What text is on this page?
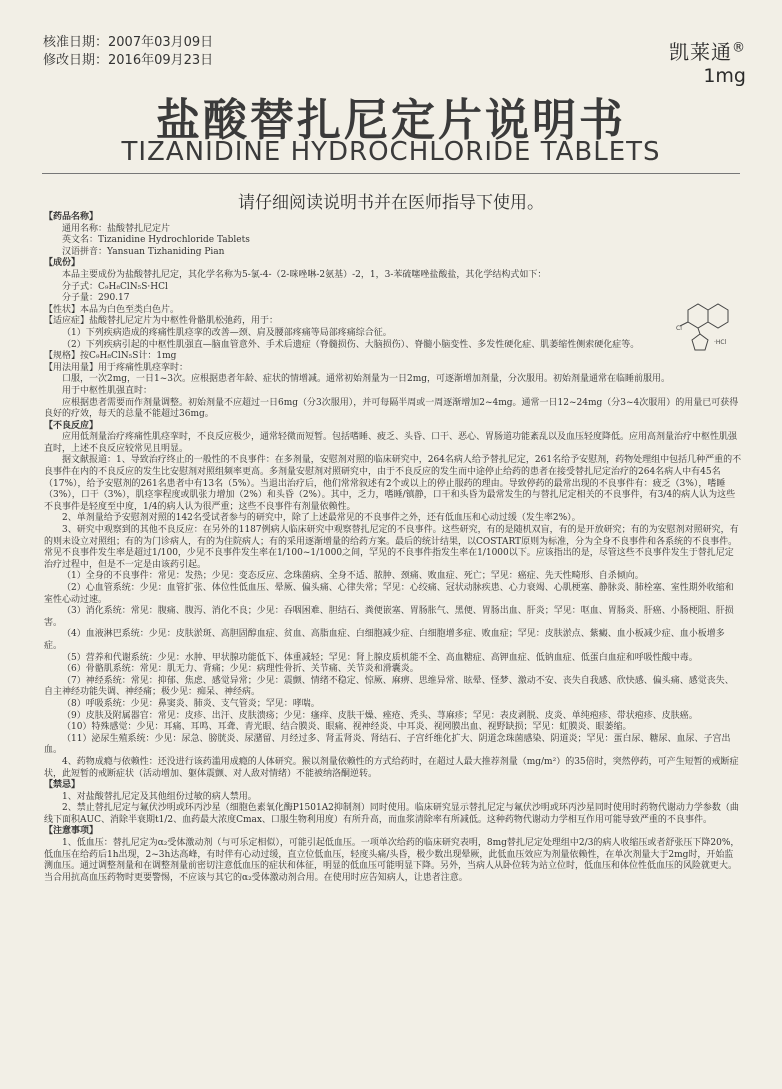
核准日期：2007年03月09日
修改日期：2016年09月23日	凯莱通®
1mg
盐酸替扎尼定片说明书
TIZANIDINE HYDROCHLORIDE TABLETS
请仔细阅读说明书并在医师指导下使用。
Cl
·HCl

【药品名称】

通用名称：盐酸替扎尼定片

英文名：Tizanidine Hydrochloride Tablets

汉语拼音：Yansuan Tizhaniding Pian

【成份】

本品主要成份为盐酸替扎尼定，其化学名称为5-氯-4-（2-咪唑啉-2氨基）-2，1，3-苯硫噻唑盐酸盐，其化学结构式如下：

分子式：C₉H₈ClN₅S·HCl

分子量：290.17

【性状】本品为白色至类白色片。

【适应症】盐酸替扎尼定片为中枢性骨骼肌松弛药，用于：

（1）下列疾病造成的疼痛性肌痉挛的改善—颈、肩及腰部疼痛等局部疼痛综合征。

（2）下列疾病引起的中枢性肌强直—脑血管意外、手术后遗症（脊髓损伤、大脑损伤）、脊髓小脑变性、多发性硬化症、肌萎缩性侧索硬化症等。

【规格】按C₉H₈ClN₅S计：1mg

【用法用量】用于疼痛性肌痉挛时：

口服，一次2mg，一日1~3次。应根据患者年龄、症状的情增减。通常初始剂量为一日2mg，可逐渐增加剂量，分次服用。初始剂量通常在临睡前服用。

用于中枢性肌强直时：

应根据患者需要而作剂量调整。初始剂量不应超过一日6mg（分3次服用），并可每隔半周或一周逐渐增加2~4mg。通常一日12~24mg（分3~4次服用）的用量已可获得良好的疗效，每天的总量不能超过36mg。

【不良反应】

应用低剂量治疗疼痛性肌痉挛时，不良反应极少，通常轻微而短暂。包括嗜睡、疲乏、头昏、口干、恶心、胃肠道功能紊乱以及血压轻度降低。应用高剂量治疗中枢性肌强直时，上述不良反应较常见且明显。

据文献报道：1、导致治疗终止的一般性的不良事件：在多剂量，安慰剂对照的临床研究中，264名病人给予替扎尼定，261名给予安慰剂，药物处理组中包括几种严重的不良事件在内的不良反应的发生比安慰剂对照组频率更高。多剂量安慰剂对照研究中，由于不良反应的发生而中途停止给药的患者在接受替扎尼定治疗的264名病人中有45名（17%），给予安慰剂的261名患者中有13名（5%）。当退出治疗后，他们常常叙述有2个或以上的停止服药的理由。导致停药的最常出现的不良事件有：疲乏（3%），嗜睡（3%），口干（3%），肌痉挛程度或肌张力增加（2%）和头昏（2%）。其中，乏力，嗜睡/镇静，口干和头昏为最常发生的与替扎尼定相关的不良事件，有3/4的病人认为这些不良事件是轻度至中度，1/4的病人认为很严重；这些不良事件有剂量依赖性。

2、单剂量给予安慰剂对照的142名受试者参与的研究中，除了上述最常见的不良事件之外，还有低血压和心动过缓（发生率2%）。

3、研究中观察到的其他不良反应：在另外的1187例病人临床研究中观察替扎尼定的不良事件。这些研究，有的是随机双盲，有的是开放研究；有的为安慰剂对照研究，有的则未设立对照组；有的为门诊病人，有的为住院病人；有的采用逐渐增量的给药方案。最后的统计结果，以COSTART原则为标准，分为全身不良事件和各系统的不良事件。常见不良事件发生率是超过1/100，少见不良事件发生率在1/100~1/1000之间，罕见的不良事件指发生率在1/1000以下。应该指出的是，尽管这些不良事件发生于替扎尼定治疗过程中，但是不一定是由该药引起。

（1）全身的不良事件：常见：发热；少见：变态反应、念珠菌病、全身不适、脓肿、颈痛、败血症、死亡；罕见：癌症、先天性畸形、自杀倾向。

（2）心血管系统：少见：血管扩张、体位性低血压、晕厥、偏头痛、心律失常；罕见：心绞痛、冠状动脉疾患、心力衰竭、心肌梗塞、静脉炎、肺栓塞、室性期外收缩和室性心动过速。

（3）消化系统：常见：腹痛、腹泻、消化不良；少见：吞咽困难、胆结石、粪便嵌塞、胃肠胀气、黑便、胃肠出血、肝炎；罕见：呕血、胃肠炎、肝癌、小肠梗阻、肝损害。

（4）血液淋巴系统：少见：皮肤淤斑、高胆固醇血症、贫血、高脂血症、白细胞减少症、白细胞增多症、败血症；罕见：皮肤淤点、紫癜、血小板减少症、血小板增多症。

（5）营养和代谢系统：少见：水肿、甲状腺功能低下、体重减轻；罕见：肾上腺皮质机能不全、高血糖症、高钾血症、低钠血症、低蛋白血症和呼吸性酸中毒。

（6）骨骼肌系统：常见：肌无力、背痛；少见：病理性骨折、关节痛、关节炎和滑囊炎。

（7）神经系统：常见：抑郁、焦虑、感觉异常；少见：震颤、情绪不稳定、惊厥、麻痹、思维异常、眩晕、怪梦、激动不安、丧失自我感、欣快感、偏头痛、感觉丧失、自主神经功能失调、神经痛；极少见：痴呆、神经病。

（8）呼吸系统：少见：鼻窦炎、肺炎、支气管炎；罕见：哮喘。

（9）皮肤及附属器官：常见：皮疹、出汗、皮肤溃疡；少见：瘙痒、皮肤干燥、痤疮、秃头、荨麻疹；罕见：表皮剥脱、皮炎、单纯疱疹、带状疱疹、皮肤癌。

（10）特殊感觉：少见：耳痛、耳鸣、耳聋、青光眼、结合膜炎、眼痛、视神经炎、中耳炎、视网膜出血、视野缺损；罕见：虹膜炎、眼萎缩。

（11）泌尿生殖系统：少见：尿急、膀胱炎、尿潴留、月经过多、肾盂肾炎、肾结石、子宫纤维化扩大、阴道念珠菌感染、阴道炎；罕见：蛋白尿、糖尿、血尿、子宫出血。

4、药物成瘾与依赖性：还没进行该药滥用成瘾的人体研究。猴以剂量依赖性的方式给药时，在超过人最大推荐剂量（mg/m²）的35倍时，突然停药，可产生短暂的戒断症状，此短暂的戒断症状（活动增加、躯体震颤、对人敌对情绪）不能被纳洛酮逆转。

【禁忌】

1、对盐酸替扎尼定及其他组份过敏的病人禁用。

2、禁止替扎尼定与氟伏沙明或环丙沙星（细胞色素氧化酶P1501A2抑制剂）同时使用。临床研究显示替扎尼定与氟伏沙明或环丙沙星同时使用时药物代谢动力学参数（曲线下面积AUC、消除半衰期t1/2、血药最大浓度Cmax、口服生物利用度）有所升高，而血浆清除率有所减低。这种药物代谢动力学相互作用可能导致严重的不良事件。

【注意事项】

1、低血压：替扎尼定为α₂受体激动剂（与可乐定相似），可能引起低血压。一项单次给药的临床研究表明，8mg替扎尼定处理组中2/3的病人收缩压或者舒张压下降20%，低血压在给药后1h出现，2~3h达高峰，有时伴有心动过缓，直立位低血压，轻度头痛/头昏，极少数出现晕厥，此低血压效应为剂量依赖性，在单次剂量大于2mg时，开始监测血压。通过调整剂量和在调整剂量前密切注意低血压的症状和体征，明显的低血压可能明显下降。另外，当病人从卧位转为站立位时，低血压和体位性低血压的风险就更大。当合用抗高血压药物时更要警惕，不应该与其它的α₂受体激动剂合用。在使用时应告知病人，让患者注意。
